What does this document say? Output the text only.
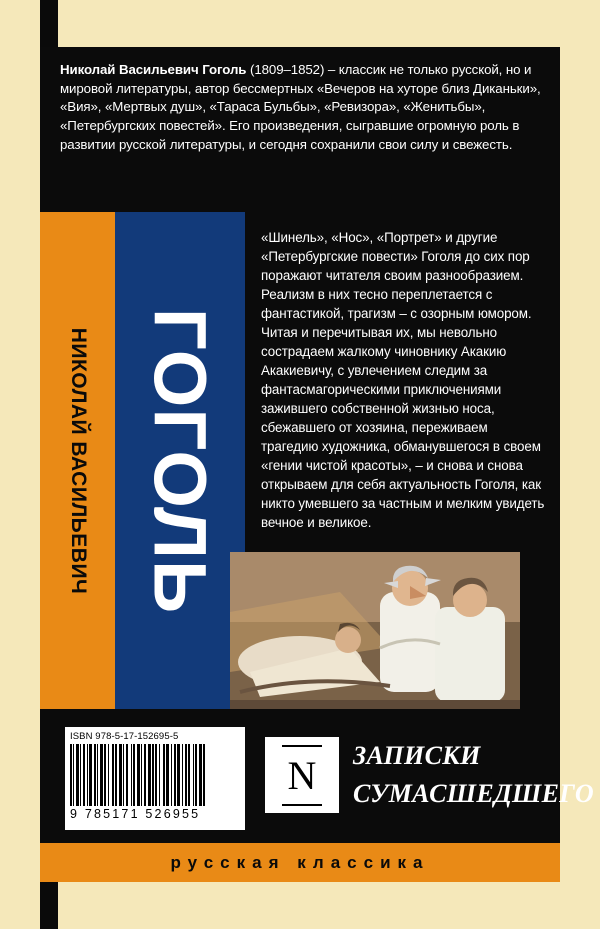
Николай Васильевич Гоголь (1809–1852) – классик не только русской, но и мировой литературы, автор бессмертных «Вечеров на хуторе близ Диканьки», «Вия», «Мертвых душ», «Тараса Бульбы», «Ревизора», «Женитьбы», «Петербургских повестей». Его произведения, сыгравшие огромную роль в развитии русской литературы, и сегодня сохранили свои силу и свежесть.
НИКОЛАЙ ВАСИЛЬЕВИЧ ГОГОЛЬ
«Шинель», «Нос», «Портрет» и другие «Петербургские повести» Гоголя до сих пор поражают читателя своим разнообразием. Реализм в них тесно переплетается с фантастикой, трагизм – с озорным юмором. Читая и перечитывая их, мы невольно сострадаем жалкому чиновнику Акакию Акакиевичу, с увлечением следим за фантасмагорическими приключениями зажившего собственной жизнью носа, сбежавшего от хозяина, переживаем трагедию художника, обманувшегося в своем «гении чистой красоты», – и снова и снова открываем для себя актуальность Гоголя, как никто умевшего за частным и мелким увидеть вечное и великое.
ISBN 978-5-17-152695-5
9 785171 526955
N ЗАПИСКИ СУМАСШЕДШЕГО
русская классика
